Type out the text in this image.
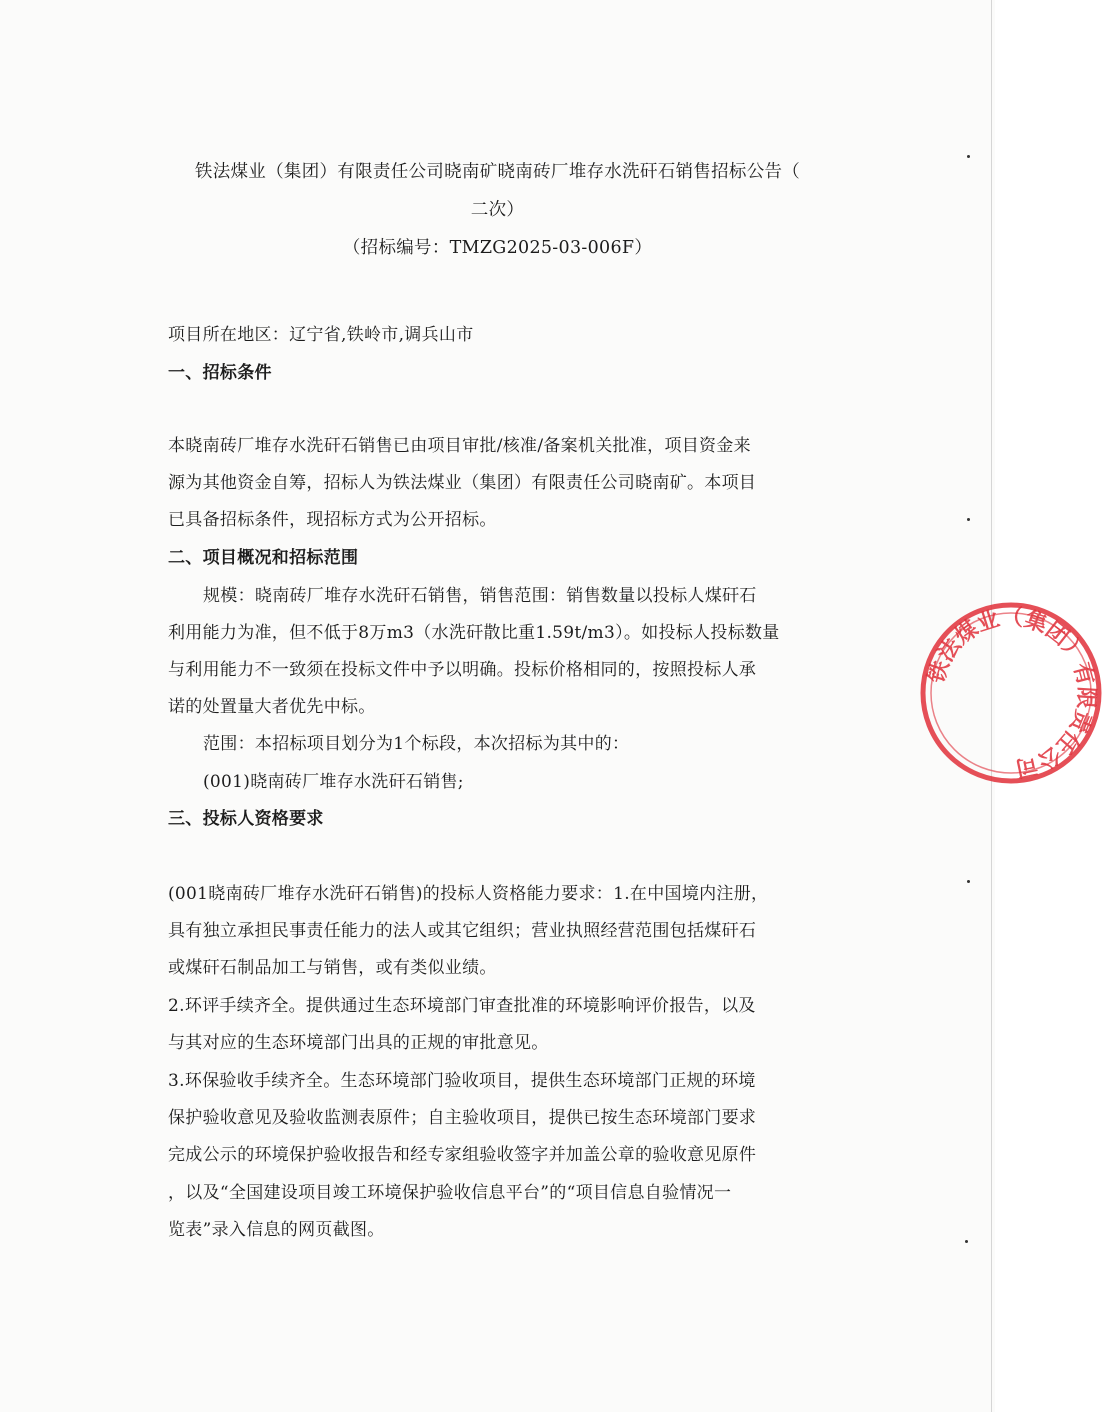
铁法煤业（集团）有限责任公司晓南矿晓南砖厂堆存水洗矸石销售招标公告（
二次）
（招标编号：TMZG2025-03-006F）
项目所在地区：辽宁省,铁岭市,调兵山市
一、招标条件
本晓南砖厂堆存水洗矸石销售已由项目审批/核准/备案机关批准，项目资金来
源为其他资金自筹，招标人为铁法煤业（集团）有限责任公司晓南矿。本项目
已具备招标条件，现招标方式为公开招标。
二、项目概况和招标范围
规模：晓南砖厂堆存水洗矸石销售，销售范围：销售数量以投标人煤矸石
利用能力为准，但不低于8万m3（水洗矸散比重1.59t/m3）。如投标人投标数量
与利用能力不一致须在投标文件中予以明确。投标价格相同的，按照投标人承
诺的处置量大者优先中标。
范围：本招标项目划分为1个标段，本次招标为其中的：
(001)晓南砖厂堆存水洗矸石销售;
三、投标人资格要求
(001晓南砖厂堆存水洗矸石销售)的投标人资格能力要求：1.在中国境内注册，
具有独立承担民事责任能力的法人或其它组织；营业执照经营范围包括煤矸石
或煤矸石制品加工与销售，或有类似业绩。
2.环评手续齐全。提供通过生态环境部门审查批准的环境影响评价报告，以及
与其对应的生态环境部门出具的正规的审批意见。
3.环保验收手续齐全。生态环境部门验收项目，提供生态环境部门正规的环境
保护验收意见及验收监测表原件；自主验收项目，提供已按生态环境部门要求
完成公示的环境保护验收报告和经专家组验收签字并加盖公章的验收意见原件
，以及“全国建设项目竣工环境保护验收信息平台”的“项目信息自验情况一
览表”录入信息的网页截图。
铁法煤业（集团）有限责任公司
